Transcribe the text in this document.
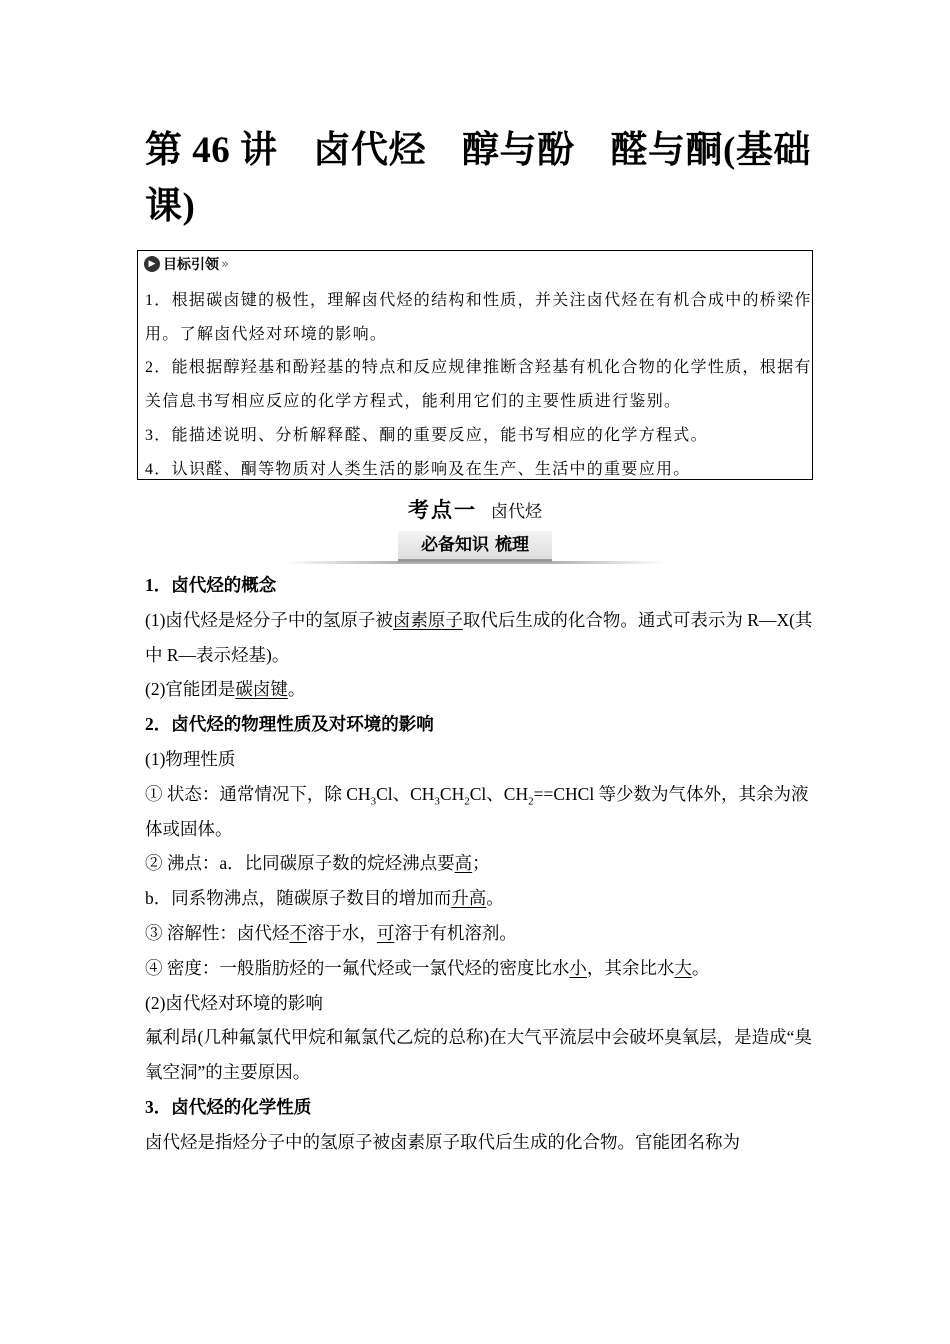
第 46 讲 卤代烃 醇与酚 醛与酮(基础
课)
▶ 目标引领 »

1．根据碳卤键的极性，理解卤代烃的结构和性质，并关注卤代烃在有机合成中的桥梁作用。了解卤代烃对环境的影响。

2．能根据醇羟基和酚羟基的特点和反应规律推断含羟基有机化合物的化学性质，根据有关信息书写相应反应的化学方程式，能利用它们的主要性质进行鉴别。

3．能描述说明、分析解释醛、酮的重要反应，能书写相应的化学方程式。

4．认识醛、酮等物质对人类生活的影响及在生产、生活中的重要应用。

考点一 卤代烃
必备知识 梳理

1．卤代烃的概念

(1)卤代烃是烃分子中的氢原子被卤素原子取代后生成的化合物。通式可表示为 R—X(其中 R—表示烃基)。

(2)官能团是碳卤键。

2．卤代烃的物理性质及对环境的影响

(1)物理性质

① 状态：通常情况下，除 $CH_3Cl$、$CH_3CH_2Cl$、$CH_2==CHCl$ 等少数为气体外，其余为液体或固体。

② 沸点：a．比同碳原子数的烷烃沸点要高；

b．同系物沸点，随碳原子数目的增加而升高。

③ 溶解性：卤代烃不溶于水，可溶于有机溶剂。

④ 密度：一般脂肪烃的一氟代烃或一氯代烃的密度比水小，其余比水大。

(2)卤代烃对环境的影响

氟利昂(几种氟氯代甲烷和氟氯代乙烷的总称)在大气平流层中会破坏臭氧层，是造成“臭氧空洞”的主要原因。

3．卤代烃的化学性质

卤代烃是指烃分子中的氢原子被卤素原子取代后生成的化合物。官能团名称为
